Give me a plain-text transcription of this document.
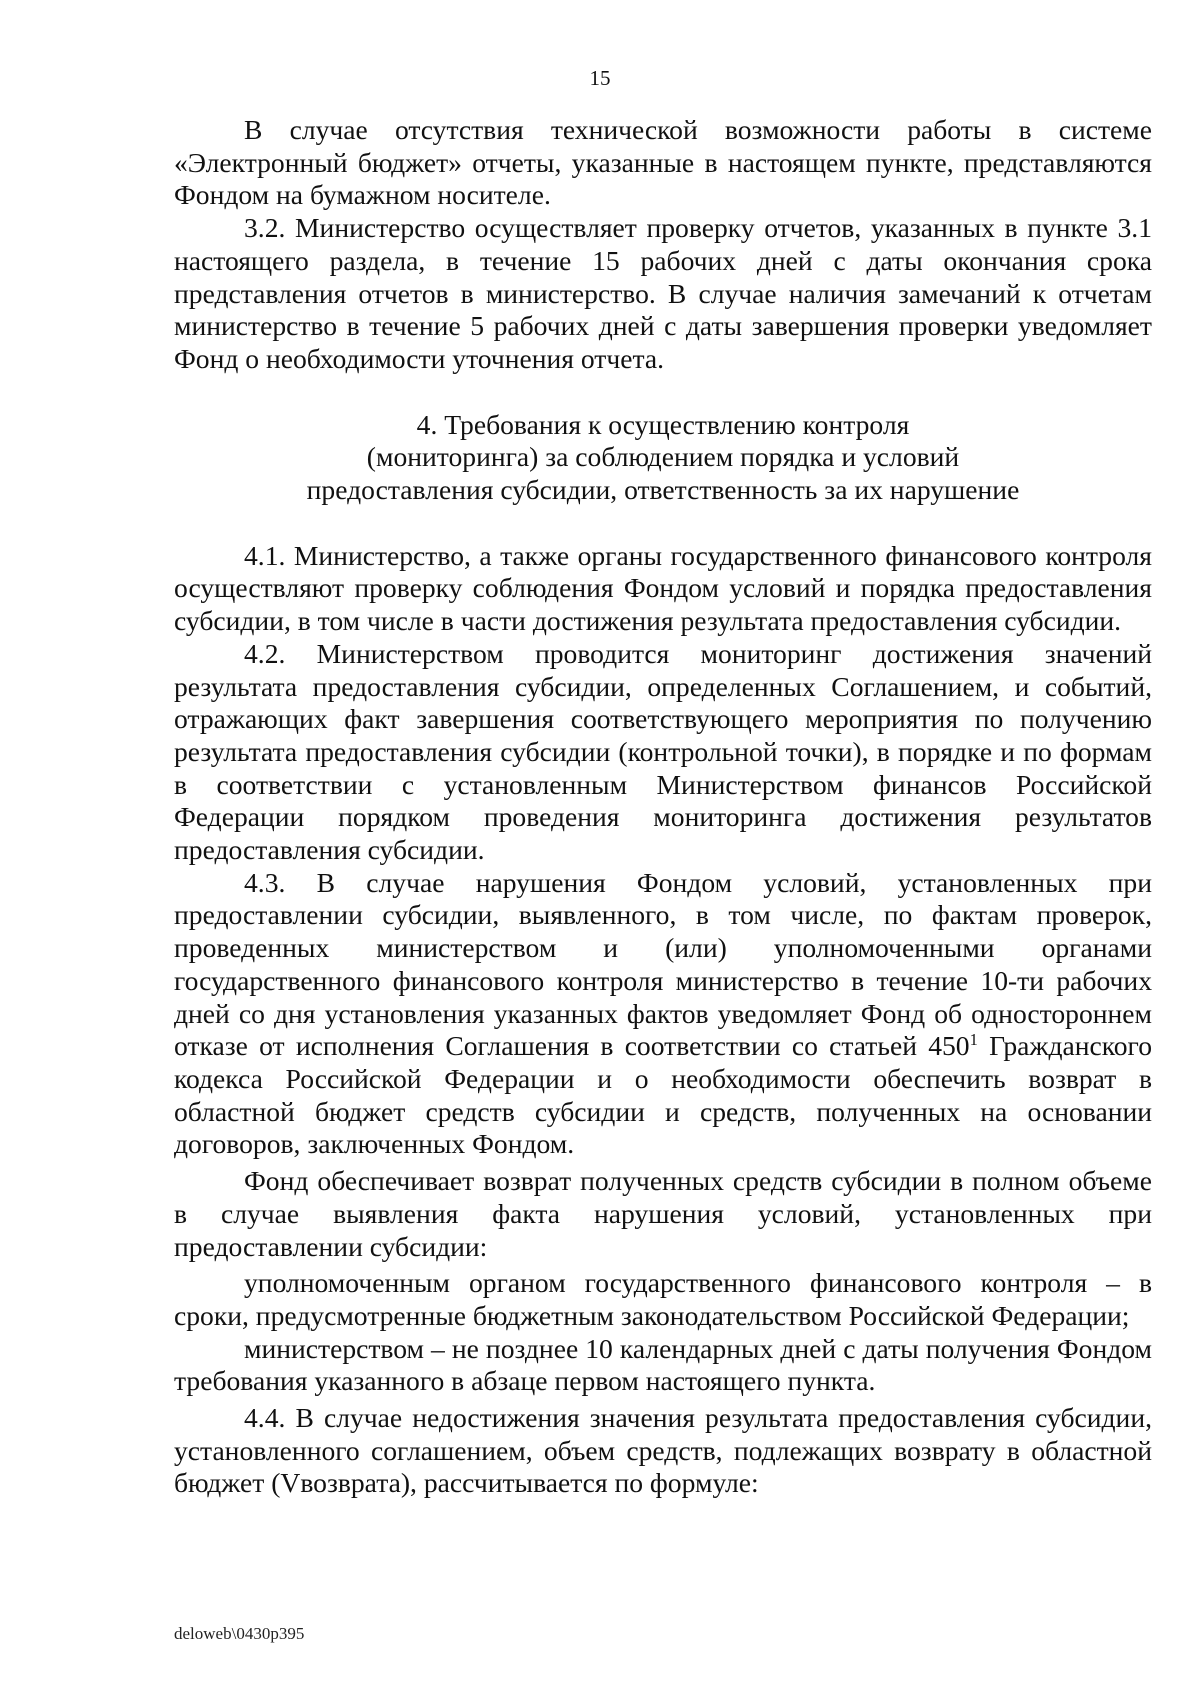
15

В случае отсутствия технической возможности работы в системе «Электронный бюджет» отчеты, указанные в настоящем пункте, представляются Фондом на бумажном носителе.

3.2. Министерство осуществляет проверку отчетов, указанных в пункте 3.1 настоящего раздела, в течение 15 рабочих дней с даты окончания срока представления отчетов в министерство. В случае наличия замечаний к отчетам министерство в течение 5 рабочих дней с даты завершения проверки уведомляет Фонд о необходимости уточнения отчета.

4. Требования к осуществлению контроля
(мониторинга) за соблюдением порядка и условий
предоставления субсидии, ответственность за их нарушение

4.1. Министерство, а также органы государственного финансового контроля осуществляют проверку соблюдения Фондом условий и порядка предоставления субсидии, в том числе в части достижения результата предоставления субсидии.

4.2. Министерством проводится мониторинг достижения значений результата предоставления субсидии, определенных Соглашением, и событий, отражающих факт завершения соответствующего мероприятия по получению результата предоставления субсидии (контрольной точки), в порядке и по формам в соответствии с установленным Министерством финансов Российской Федерации порядком проведения мониторинга достижения результатов предоставления субсидии.

4.3. В случае нарушения Фондом условий, установленных при предоставлении субсидии, выявленного, в том числе, по фактам проверок, проведенных министерством и (или) уполномоченными органами государственного финансового контроля министерство в течение 10-ти рабочих дней со дня установления указанных фактов уведомляет Фонд об одностороннем отказе от исполнения Соглашения в соответствии со статьей $450^1$ Гражданского кодекса Российской Федерации и о необходимости обеспечить возврат в областной бюджет средств субсидии и средств, полученных на основании договоров, заключенных Фондом.

Фонд обеспечивает возврат полученных средств субсидии в полном объеме в случае выявления факта нарушения условий, установленных при предоставлении субсидии:

уполномоченным органом государственного финансового контроля – в сроки, предусмотренные бюджетным законодательством Российской Федерации;

министерством – не позднее 10 календарных дней с даты получения Фондом требования указанного в абзаце первом настоящего пункта.

4.4. В случае недостижения значения результата предоставления субсидии, установленного соглашением, объем средств, подлежащих возврату в областной бюджет (Vвозврата), рассчитывается по формуле:

deloweb\0430p395
